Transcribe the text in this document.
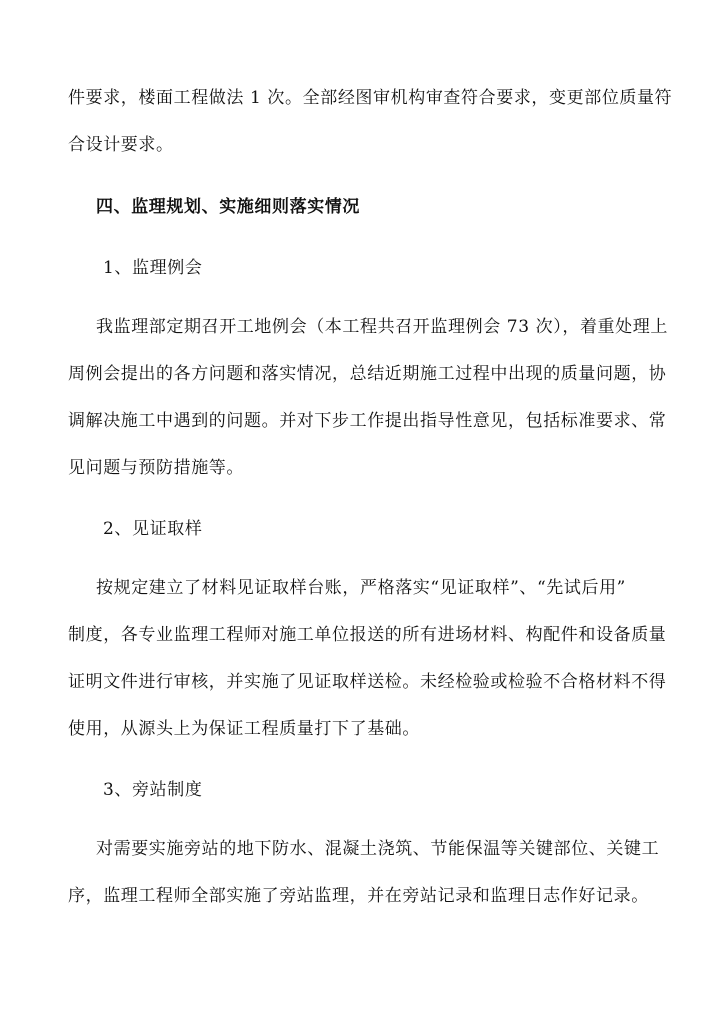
件要求，楼面工程做法 1 次。全部经图审机构审查符合要求，变更部位质量符
合设计要求。
四、监理规划、实施细则落实情况
1、监理例会
我监理部定期召开工地例会（本工程共召开监理例会 73 次），着重处理上
周例会提出的各方问题和落实情况，总结近期施工过程中出现的质量问题，协
调解决施工中遇到的问题。并对下步工作提出指导性意见，包括标准要求、常
见问题与预防措施等。
2、见证取样
按规定建立了材料见证取样台账，严格落实“见证取样”、“先试后用”
制度，各专业监理工程师对施工单位报送的所有进场材料、构配件和设备质量
证明文件进行审核，并实施了见证取样送检。未经检验或检验不合格材料不得
使用，从源头上为保证工程质量打下了基础。
3、旁站制度
对需要实施旁站的地下防水、混凝土浇筑、节能保温等关键部位、关键工
序，监理工程师全部实施了旁站监理，并在旁站记录和监理日志作好记录。
